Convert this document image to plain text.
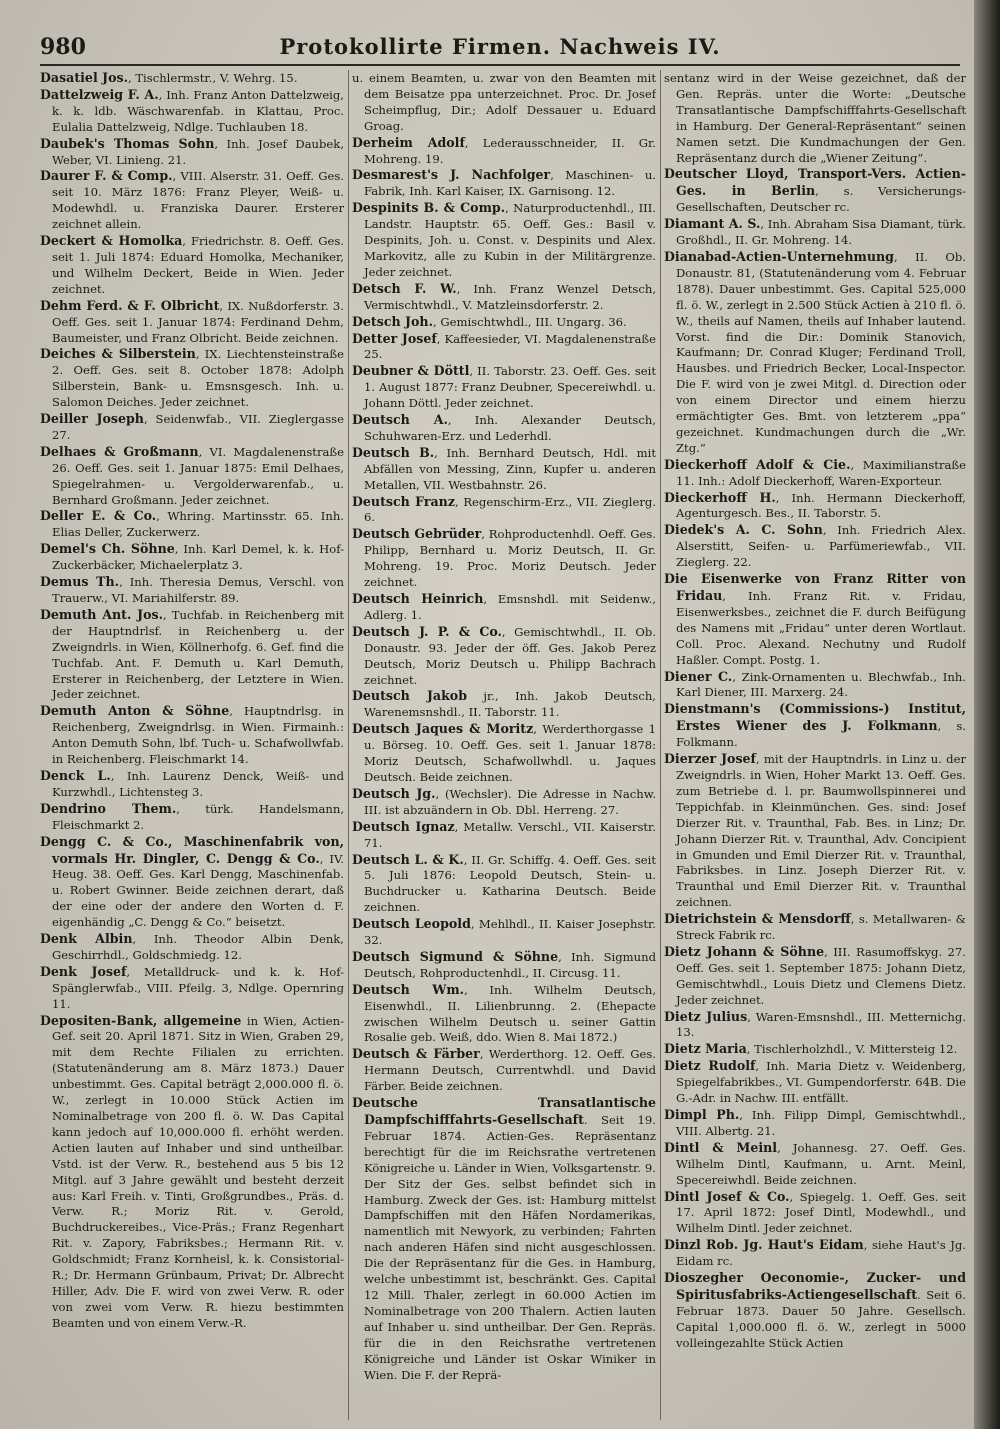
980	Protokollirte Firmen. Nachweis IV.

Dasatiel Jos., Tischlermstr., V. Wehrg. 15.

Dattelzweig F. A., Inh. Franz Anton Dattelzweig, k. k. ldb. Wäschwarenfab. in Klattau, Proc. Eulalia Dattelzweig, Ndlge. Tuchlauben 18.

Daubek's Thomas Sohn, Inh. Josef Daubek, Weber, VI. Linieng. 21.

Daurer F. & Comp., VIII. Alserstr. 31. Oeff. Ges. seit 10. März 1876: Franz Pleyer, Weiß- u. Modewhdl. u. Franziska Daurer. Ersterer zeichnet allein.

Deckert & Homolka, Friedrichstr. 8. Oeff. Ges. seit 1. Juli 1874: Eduard Homolka, Mechaniker, und Wilhelm Deckert, Beide in Wien. Jeder zeichnet.

Dehm Ferd. & F. Olbricht, IX. Nußdorferstr. 3. Oeff. Ges. seit 1. Januar 1874: Ferdinand Dehm, Baumeister, und Franz Olbricht. Beide zeichnen.

Deiches & Silberstein, IX. Liechtensteinstraße 2. Oeff. Ges. seit 8. October 1878: Adolph Silberstein, Bank- u. Emsnsgesch. Inh. u. Salomon Deiches. Jeder zeichnet.

Deiller Joseph, Seidenwfab., VII. Zieglergasse 27.

Delhaes & Großmann, VI. Magdalenenstraße 26. Oeff. Ges. seit 1. Januar 1875: Emil Delhaes, Spiegelrahmen- u. Vergolderwarenfab., u. Bernhard Großmann. Jeder zeichnet.

Deller E. & Co., Whring. Martinsstr. 65. Inh. Elias Deller, Zuckerwerz.

Demel's Ch. Söhne, Inh. Karl Demel, k. k. Hof-Zuckerbäcker, Michaelerplatz 3.

Demus Th., Inh. Theresia Demus, Verschl. von Trauerw., VI. Mariahilferstr. 89.

Demuth Ant. Jos., Tuchfab. in Reichenberg mit der Hauptndrlsf. in Reichenberg u. der Zweigndrls. in Wien, Köllnerhofg. 6. Gef. find die Tuchfab. Ant. F. Demuth u. Karl Demuth, Ersterer in Reichenberg, der Letztere in Wien. Jeder zeichnet.

Demuth Anton & Söhne, Hauptndrlsg. in Reichenberg, Zweigndrlsg. in Wien. Firmainh.: Anton Demuth Sohn, lbf. Tuch- u. Schafwollwfab. in Reichenberg. Fleischmarkt 14.

Denck L., Inh. Laurenz Denck, Weiß- und Kurzwhdl., Lichtensteg 3.

Dendrino Them., türk. Handelsmann, Fleischmarkt 2.

Dengg C. & Co., Maschinenfabrik von, vormals Hr. Dingler, C. Dengg & Co., IV. Heug. 38. Oeff. Ges. Karl Dengg, Maschinenfab. u. Robert Gwinner. Beide zeichnen derart, daß der eine oder der andere den Worten d. F. eigenhändig „C. Dengg & Co.“ beisetzt.

Denk Albin, Inh. Theodor Albin Denk, Geschirrhdl., Goldschmiedg. 12.

Denk Josef, Metalldruck- und k. k. Hof-Spänglerwfab., VIII. Pfeilg. 3, Ndlge. Opernring 11.

Depositen-Bank, allgemeine in Wien, Actien-Gef. seit 20. April 1871. Sitz in Wien, Graben 29, mit dem Rechte Filialen zu errichten. (Statutenänderung am 8. März 1873.) Dauer unbestimmt. Ges. Capital beträgt 2,000.000 fl. ö. W., zerlegt in 10.000 Stück Actien im Nominalbetrage von 200 fl. ö. W. Das Capital kann jedoch auf 10,000.000 fl. erhöht werden. Actien lauten auf Inhaber und sind untheilbar. Vstd. ist der Verw. R., bestehend aus 5 bis 12 Mitgl. auf 3 Jahre gewählt und besteht derzeit aus: Karl Freih. v. Tinti, Großgrundbes., Präs. d. Verw. R.; Moriz Rit. v. Gerold, Buchdruckereibes., Vice-Präs.; Franz Regenhart Rit. v. Zapory, Fabriksbes.; Hermann Rit. v. Goldschmidt; Franz Kornheisl, k. k. Consistorial-R.; Dr. Hermann Grünbaum, Privat; Dr. Albrecht Hiller, Adv. Die F. wird von zwei Verw. R. oder von zwei vom Verw. R. hiezu bestimmten Beamten und von einem Verw.-R.

u. einem Beamten, u. zwar von den Beamten mit dem Beisatze ppa unterzeichnet. Proc. Dr. Josef Scheimpflug, Dir.; Adolf Dessauer u. Eduard Groag.

Derheim Adolf, Lederausschneider, II. Gr. Mohreng. 19.

Desmarest's J. Nachfolger, Maschinen- u. Fabrik, Inh. Karl Kaiser, IX. Garnisong. 12.

Despinits B. & Comp., Naturproductenhdl., III. Landstr. Hauptstr. 65. Oeff. Ges.: Basil v. Despinits, Joh. u. Const. v. Despinits und Alex. Markovitz, alle zu Kubin in der Militärgrenze. Jeder zeichnet.

Detsch F. W., Inh. Franz Wenzel Detsch, Vermischtwhdl., V. Matzleinsdorferstr. 2.

Detsch Joh., Gemischtwhdl., III. Ungarg. 36.

Detter Josef, Kaffeesieder, VI. Magdalenenstraße 25.

Deubner & Döttl, II. Taborstr. 23. Oeff. Ges. seit 1. August 1877: Franz Deubner, Specereiwhdl. u. Johann Döttl. Jeder zeichnet.

Deutsch A., Inh. Alexander Deutsch, Schuhwaren-Erz. und Lederhdl.

Deutsch B., Inh. Bernhard Deutsch, Hdl. mit Abfällen von Messing, Zinn, Kupfer u. anderen Metallen, VII. Westbahnstr. 26.

Deutsch Franz, Regenschirm-Erz., VII. Zieglerg. 6.

Deutsch Gebrüder, Rohproductenhdl. Oeff. Ges. Philipp, Bernhard u. Moriz Deutsch, II. Gr. Mohreng. 19. Proc. Moriz Deutsch. Jeder zeichnet.

Deutsch Heinrich, Emsnshdl. mit Seidenw., Adlerg. 1.

Deutsch J. P. & Co., Gemischtwhdl., II. Ob. Donaustr. 93. Jeder der öff. Ges. Jakob Perez Deutsch, Moriz Deutsch u. Philipp Bachrach zeichnet.

Deutsch Jakob jr., Inh. Jakob Deutsch, Warenemsnshdl., II. Taborstr. 11.

Deutsch Jaques & Moritz, Werderthorgasse 1 u. Börseg. 10. Oeff. Ges. seit 1. Januar 1878: Moriz Deutsch, Schafwollwhdl. u. Jaques Deutsch. Beide zeichnen.

Deutsch Jg., (Wechsler). Die Adresse in Nachw. III. ist abzuändern in Ob. Dbl. Herreng. 27.

Deutsch Ignaz, Metallw. Verschl., VII. Kaiserstr. 71.

Deutsch L. & K., II. Gr. Schiffg. 4. Oeff. Ges. seit 5. Juli 1876: Leopold Deutsch, Stein- u. Buchdrucker u. Katharina Deutsch. Beide zeichnen.

Deutsch Leopold, Mehlhdl., II. Kaiser Josephstr. 32.

Deutsch Sigmund & Söhne, Inh. Sigmund Deutsch, Rohproductenhdl., II. Circusg. 11.

Deutsch Wm., Inh. Wilhelm Deutsch, Eisenwhdl., II. Lilienbrunng. 2. (Ehepacte zwischen Wilhelm Deutsch u. seiner Gattin Rosalie geb. Weiß, ddo. Wien 8. Mai 1872.)

Deutsch & Färber, Werderthorg. 12. Oeff. Ges. Hermann Deutsch, Currentwhdl. und David Färber. Beide zeichnen.

Deutsche Transatlantische Dampfschifffahrts-Gesellschaft. Seit 19. Februar 1874. Actien-Ges. Repräsentanz berechtigt für die im Reichsrathe vertretenen Königreiche u. Länder in Wien, Volksgartenstr. 9. Der Sitz der Ges. selbst befindet sich in Hamburg. Zweck der Ges. ist: Hamburg mittelst Dampfschiffen mit den Häfen Nordamerikas, namentlich mit Newyork, zu verbinden; Fahrten nach anderen Häfen sind nicht ausgeschlossen. Die der Repräsentanz für die Ges. in Hamburg, welche unbestimmt ist, beschränkt. Ges. Capital 12 Mill. Thaler, zerlegt in 60.000 Actien im Nominalbetrage von 200 Thalern. Actien lauten auf Inhaber u. sind untheilbar. Der Gen. Repräs. für die in den Reichsrathe vertretenen Königreiche und Länder ist Oskar Winiker in Wien. Die F. der Reprä-

sentanz wird in der Weise gezeichnet, daß der Gen. Repräs. unter die Worte: „Deutsche Transatlantische Dampfschifffahrts-Gesellschaft in Hamburg. Der General-Repräsentant“ seinen Namen setzt. Die Kundmachungen der Gen. Repräsentanz durch die „Wiener Zeitung“.

Deutscher Lloyd, Transport-Vers. Actien-Ges. in Berlin, s. Versicherungs-Gesellschaften, Deutscher rc.

Diamant A. S., Inh. Abraham Sisa Diamant, türk. Großhdl., II. Gr. Mohreng. 14.

Dianabad-Actien-Unternehmung, II. Ob. Donaustr. 81, (Statutenänderung vom 4. Februar 1878). Dauer unbestimmt. Ges. Capital 525,000 fl. ö. W., zerlegt in 2.500 Stück Actien à 210 fl. ö. W., theils auf Namen, theils auf Inhaber lautend. Vorst. find die Dir.: Dominik Stanovich, Kaufmann; Dr. Conrad Kluger; Ferdinand Troll, Hausbes. und Friedrich Becker, Local-Inspector. Die F. wird von je zwei Mitgl. d. Direction oder von einem Director und einem hierzu ermächtigter Ges. Bmt. von letzterem „ppa“ gezeichnet. Kundmachungen durch die „Wr. Ztg.“

Dieckerhoff Adolf & Cie., Maximilianstraße 11. Inh.: Adolf Dieckerhoff, Waren-Exporteur.

Dieckerhoff H., Inh. Hermann Dieckerhoff, Agenturgesch. Bes., II. Taborstr. 5.

Diedek's A. C. Sohn, Inh. Friedrich Alex. Alserstitt, Seifen- u. Parfümeriewfab., VII. Zieglerg. 22.

Die Eisenwerke von Franz Ritter von Fridau, Inh. Franz Rit. v. Fridau, Eisenwerksbes., zeichnet die F. durch Beifügung des Namens mit „Fridau“ unter deren Wortlaut. Coll. Proc. Alexand. Nechutny und Rudolf Haßler. Compt. Postg. 1.

Diener C., Zink-Ornamenten u. Blechwfab., Inh. Karl Diener, III. Marxerg. 24.

Dienstmann's (Commissions-) Institut, Erstes Wiener des J. Folkmann, s. Folkmann.

Dierzer Josef, mit der Hauptndrls. in Linz u. der Zweigndrls. in Wien, Hoher Markt 13. Oeff. Ges. zum Betriebe d. l. pr. Baumwollspinnerei und Teppichfab. in Kleinmünchen. Ges. sind: Josef Dierzer Rit. v. Traunthal, Fab. Bes. in Linz; Dr. Johann Dierzer Rit. v. Traunthal, Adv. Concipient in Gmunden und Emil Dierzer Rit. v. Traunthal, Fabriksbes. in Linz. Joseph Dierzer Rit. v. Traunthal und Emil Dierzer Rit. v. Traunthal zeichnen.

Dietrichstein & Mensdorff, s. Metallwaren- & Streck Fabrik rc.

Dietz Johann & Söhne, III. Rasumoffskyg. 27. Oeff. Ges. seit 1. September 1875: Johann Dietz, Gemischtwhdl., Louis Dietz und Clemens Dietz. Jeder zeichnet.

Dietz Julius, Waren-Emsnshdl., III. Metternichg. 13.

Dietz Maria, Tischlerholzhdl., V. Mittersteig 12.

Dietz Rudolf, Inh. Maria Dietz v. Weidenberg, Spiegelfabrikbes., VI. Gumpendorferstr. 64B. Die G.-Adr. in Nachw. III. entfällt.

Dimpl Ph., Inh. Filipp Dimpl, Gemischtwhdl., VIII. Albertg. 21.

Dintl & Meinl, Johannesg. 27. Oeff. Ges. Wilhelm Dintl, Kaufmann, u. Arnt. Meinl, Specereiwhdl. Beide zeichnen.

Dintl Josef & Co., Spiegelg. 1. Oeff. Ges. seit 17. April 1872: Josef Dintl, Modewhdl., und Wilhelm Dintl. Jeder zeichnet.

Dinzl Rob. Jg. Haut's Eidam, siehe Haut's Jg. Eidam rc.

Dioszegher Oeconomie-, Zucker- und Spiritusfabriks-Actiengesellschaft. Seit 6. Februar 1873. Dauer 50 Jahre. Gesellsch. Capital 1,000.000 fl. ö. W., zerlegt in 5000 volleingezahlte Stück Actien
